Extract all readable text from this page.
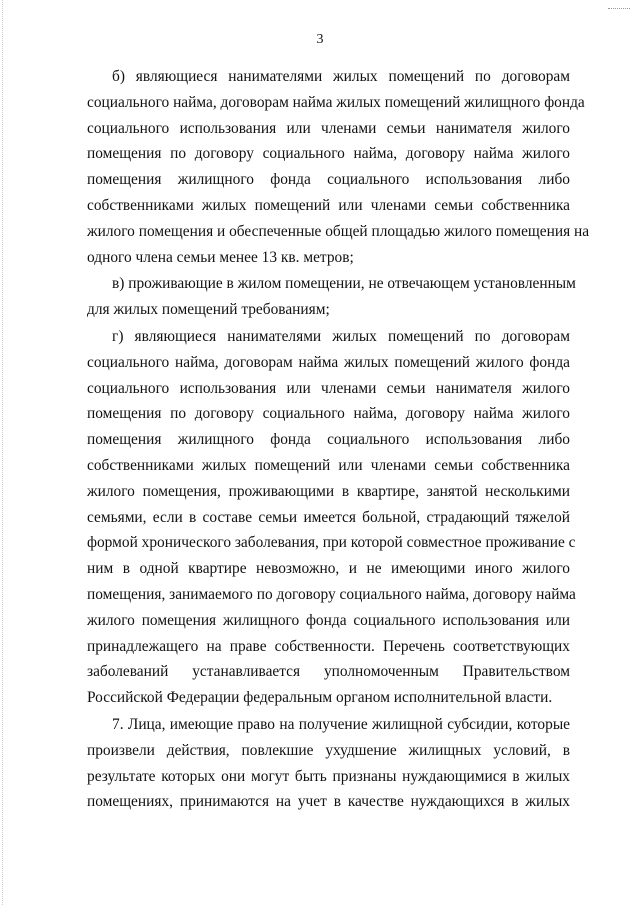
3

б) являющиеся нанимателями жилых помещений по договорам
социального найма, договорам найма жилых помещений жилищного фонда
социального использования или членами семьи нанимателя жилого
помещения по договору социального найма, договору найма жилого
помещения жилищного фонда социального использования либо
собственниками жилых помещений или членами семьи собственника
жилого помещения и обеспеченные общей площадью жилого помещения на
одного члена семьи менее 13 кв. метров;

в) проживающие в жилом помещении, не отвечающем установленным
для жилых помещений требованиям;

г) являющиеся нанимателями жилых помещений по договорам
социального найма, договорам найма жилых помещений жилого фонда
социального использования или членами семьи нанимателя жилого
помещения по договору социального найма, договору найма жилого
помещения жилищного фонда социального использования либо
собственниками жилых помещений или членами семьи собственника
жилого помещения, проживающими в квартире, занятой несколькими
семьями, если в составе семьи имеется больной, страдающий тяжелой
формой хронического заболевания, при которой совместное проживание с
ним в одной квартире невозможно, и не имеющими иного жилого
помещения, занимаемого по договору социального найма, договору найма
жилого помещения жилищного фонда социального использования или
принадлежащего на праве собственности. Перечень соответствующих
заболеваний устанавливается уполномоченным Правительством
Российской Федерации федеральным органом исполнительной власти.

7. Лица, имеющие право на получение жилищной субсидии, которые
произвели действия, повлекшие ухудшение жилищных условий, в
результате которых они могут быть признаны нуждающимися в жилых
помещениях, принимаются на учет в качестве нуждающихся в жилых
